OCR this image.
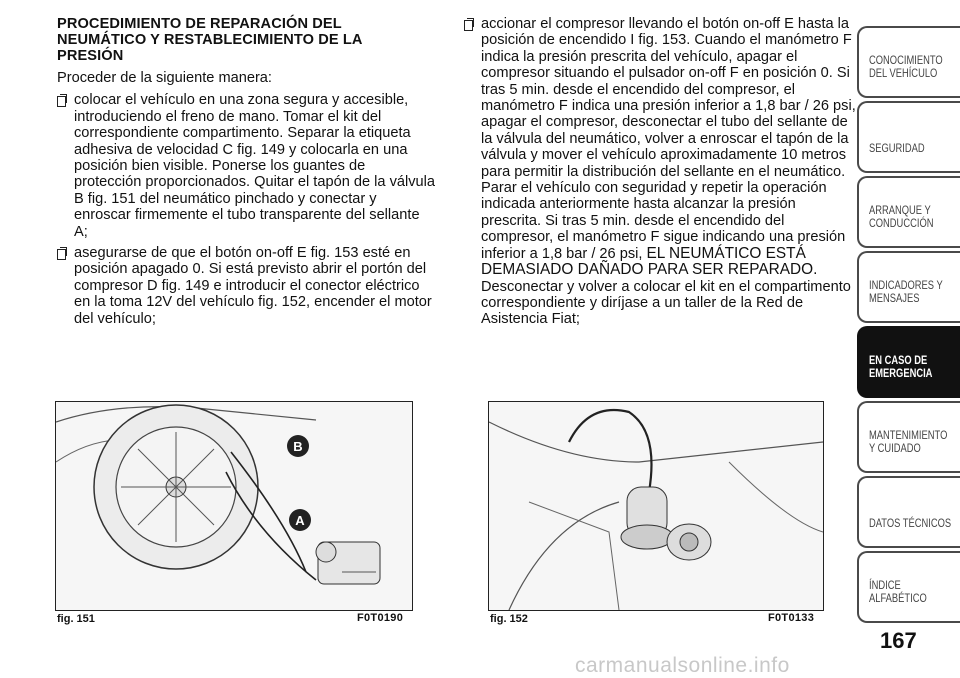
PROCEDIMIENTO DE REPARACIÓN DEL
NEUMÁTICO Y RESTABLECIMIENTO DE LA
PRESIÓN
Proceder de la siguiente manera:
colocar el vehículo en una zona segura y accesible, introduciendo el freno de mano. Tomar el kit del correspondiente compartimento. Separar la etiqueta adhesiva de velocidad C fig. 149 y colocarla en una posición bien visible. Ponerse los guantes de protección proporcionados. Quitar el tapón de la válvula B fig. 151 del neumático pinchado y conectar y enroscar firmemente el tubo transparente del sellante A;
asegurarse de que el botón on-off E fig. 153 esté en posición apagado 0. Si está previsto abrir el portón del compresor D fig. 149 e introducir el conector eléctrico en la toma 12V del vehículo fig. 152, encender el motor del vehículo;
accionar el compresor llevando el botón on-off E hasta la posición de encendido I fig. 153. Cuando el manómetro F indica la presión prescrita del vehículo, apagar el compresor situando el pulsador on-off F en posición 0. Si tras 5 min. desde el encendido del compresor, el manómetro F indica una presión inferior a 1,8 bar / 26 psi, apagar el compresor, desconectar el tubo del sellante de la válvula del neumático, volver a enroscar el tapón de la válvula y mover el vehículo aproximadamente 10 metros para permitir la distribución del sellante en el neumático. Parar el vehículo con seguridad y repetir la operación indicada anteriormente hasta alcanzar la presión prescrita. Si tras 5 min. desde el encendido del compresor, el manómetro F sigue indicando una presión inferior a 1,8 bar / 26 psi, EL NEUMÁTICO ESTÁ DEMASIADO DAÑADO PARA SER REPARADO. Desconectar y volver a colocar el kit en el compartimento correspondiente y diríjase a un taller de la Red de Asistencia Fiat;
B
A
fig. 151	F0T0190	fig. 152	F0T0133
CONOCIMIENTO DEL VEHÍCULO
SEGURIDAD
ARRANQUE Y CONDUCCIÓN
INDICADORES Y MENSAJES
EN CASO DE EMERGENCIA
MANTENIMIENTO Y CUIDADO
DATOS TÉCNICOS
ÍNDICE ALFABÉTICO
167
carmanualsonline.info
